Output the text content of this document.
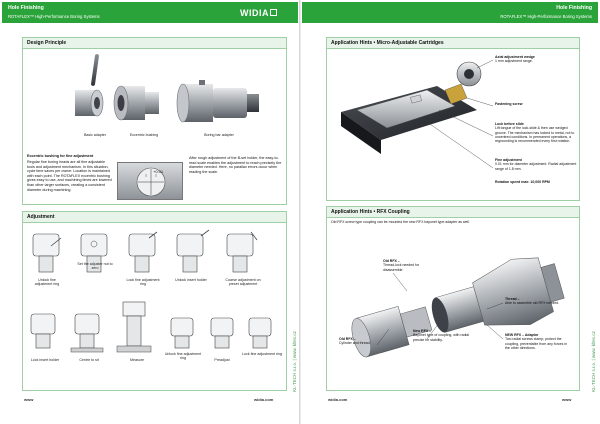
Hole Finishing
ROTAFLEX™ High-Performance Boring Systems	WIDIA
Design Principle
Basic adapter	Eccentric bushing	Boring bar adapter
Eccentric bushing for fine adjustment
Regular fine boring heads are all fine adjustable tools and adjustment mechanism. In this situation, cycle time saves per owner. Location is maintained with each point. The ROTAFLEX eccentric bushing gives easy to use, and machining times are lowered than other larger surfaces, creating a consistent diameter during machining.
+0.01
After rough adjustment of the B-set holder, the easy-to-read scale enables the adjustment to reach precisely the diameter needed. Here, no parallax errors occur when reading the scale.
Adjustment
Unlock fine adjustment ring
Set the adjuster nut to zero
Lock fine adjustment ring
Unlock insert holder	Coarse adjustment on preset adjustment
Lock insert holder	Centre to sit	Measure
Unlock fine adjustment ring	Preadjust
Lock fine adjustment ring KL-TECH s.r.o. | www. kltec.cz
www	widia.com
Hole Finishing
ROTAFLEX™ High-Performance Boring Systems
Application Hints • Micro-Adjustable Cartridges
Axial adjustment wedge
1 mm adjustment range.
Fastening screw
Lock before slide
Lift tongue of the lock-slide & then use wedged groove. The mechanism has locked to metal, not to uncentred conditions. In permanent operations, a regrounding is recommended every first rotation.
Fine adjustment
0.01 mm for diameter adjustment. Radial adjustment range of 1.8 mm.
Rotation speed max: 10,000 RPM
Application Hints • RFX Coupling
Old RFX screw type coupling can be mounted the new RFX bayonet type adapter as well.
Old RFX –
Thread-lock needed for disassemble.
Old RFX –
Cylinder and thread.
New RFX –
Bayonet type of coupling, with radial precise for stability.
Thread –
Able to assemble old RFX needed.
NEW RFX – Adaptor
Two radial screws clamp; protect the coupling, preventable from any forces in the other directions.	KL-TECH s.r.o. | www. kltec.cz
widia.com	www
